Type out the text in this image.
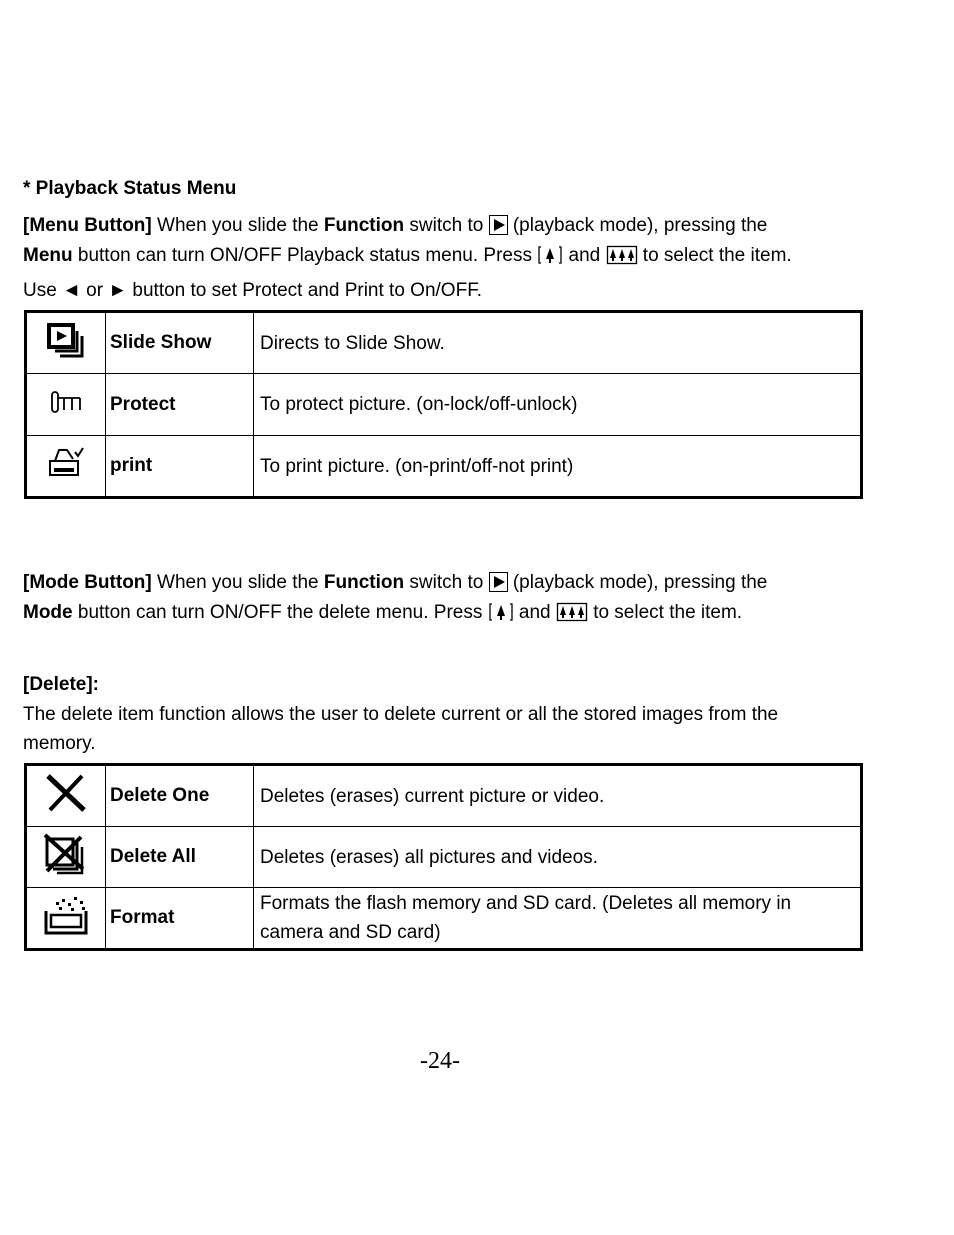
* Playback Status Menu
[Menu Button] When you slide the Function switch to
(playback mode), pressing the
Menu button can turn ON/OFF Playback status menu. Press  and  to select the item.
Use ◄ or ► button to set Protect and Print to On/OFF.
	Slide Show	Directs to Slide Show.
	Protect	To protect picture. (on-lock/off-unlock)
	print	To print picture. (on-print/off-not print)
[Mode Button] When you slide the Function switch to
(playback mode), pressing the
Mode button can turn ON/OFF the delete menu. Press  and  to select the item.
[Delete]:
The delete item function allows the user to delete current or all the stored images from the
memory.
	Delete One	Deletes (erases) current picture or video.
	Delete All	Deletes (erases) all pictures and videos.
	Format	Formats the flash memory and SD card. (Deletes all memory in
camera and SD card)
-24-
